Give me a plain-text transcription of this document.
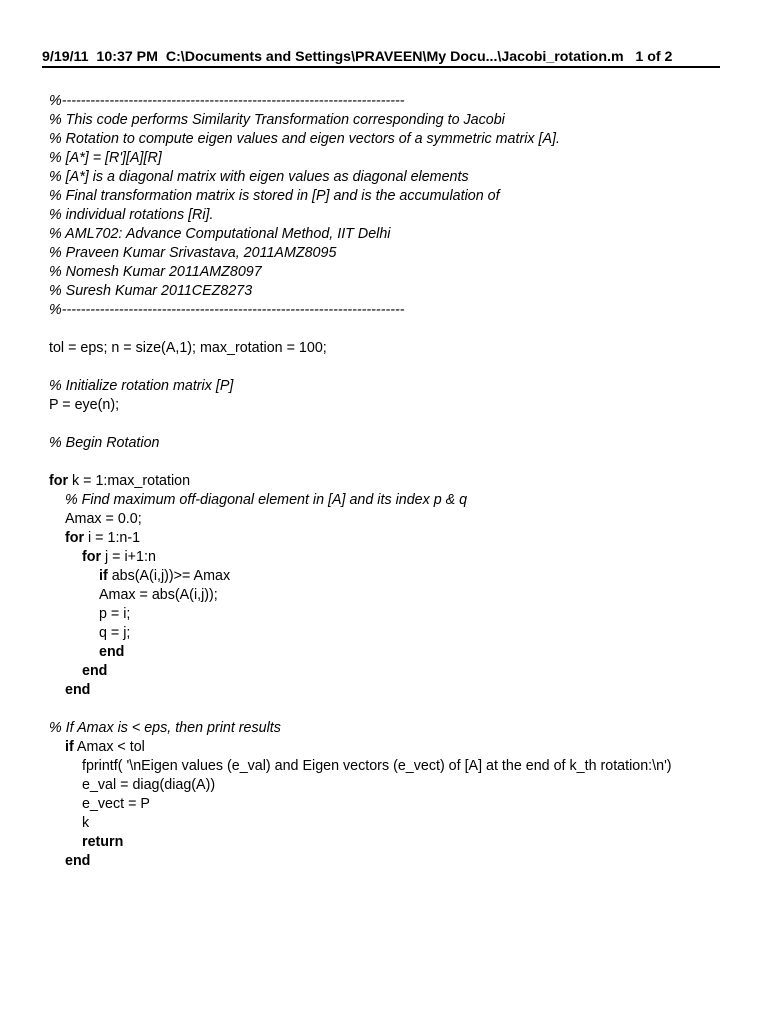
9/19/11  10:37 PM  C:\Documents and Settings\PRAVEEN\My Docu...\Jacobi_rotation.m   1 of 2
%------------------------------------------------------------------------
% This code performs Similarity Transformation corresponding to Jacobi
% Rotation to compute eigen values and eigen vectors of a symmetric matrix [A].
% [A*] = [R'][A][R]
% [A*] is a diagonal matrix with eigen values as diagonal elements
% Final transformation matrix is stored in [P] and is the accumulation of
% individual rotations [Ri].
% AML702: Advance Computational Method, IIT Delhi
% Praveen Kumar Srivastava, 2011AMZ8095
% Nomesh Kumar 2011AMZ8097
% Suresh Kumar 2011CEZ8273
%------------------------------------------------------------------------

tol = eps; n = size(A,1); max_rotation = 100;

% Initialize rotation matrix [P]
P = eye(n);

% Begin Rotation

for k = 1:max_rotation
% Find maximum off-diagonal element in [A] and its index p & q
Amax = 0.0;
for i = 1:n-1
for j = i+1:n
if abs(A(i,j))>= Amax
Amax = abs(A(i,j));
p = i;
q = j;
end
end
end

% If Amax is < eps, then print results
if Amax < tol
fprintf( '\nEigen values (e_val) and Eigen vectors (e_vect) of [A] at the end of k_th rotation:\n')
e_val = diag(diag(A))
e_vect = P
k
return
end
